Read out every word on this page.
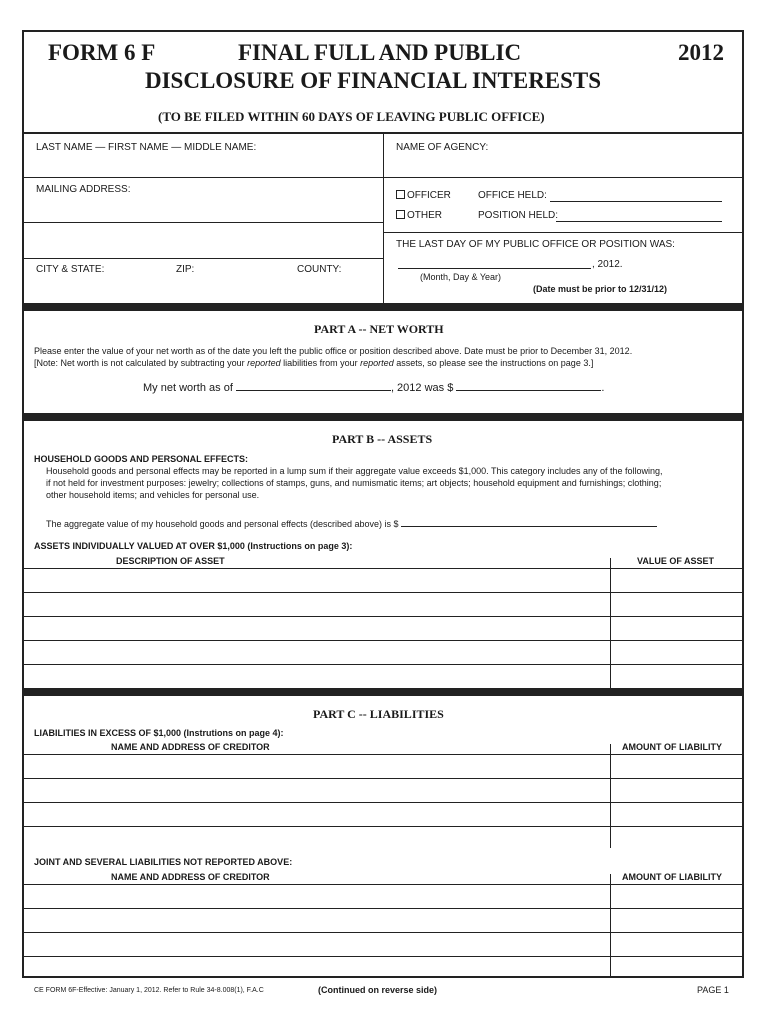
FORM 6 F	FINAL FULL AND PUBLIC	2012
DISCLOSURE OF FINANCIAL INTERESTS
(TO BE FILED WITHIN 60 DAYS OF LEAVING PUBLIC OFFICE)
LAST NAME — FIRST NAME — MIDDLE NAME:	NAME OF AGENCY:
MAILING ADDRESS:
OFFICER	OFFICE HELD:
OTHER	POSITION HELD:
THE LAST DAY OF MY PUBLIC OFFICE OR POSITION WAS:
, 2012.
(Month, Day & Year)
(Date must be prior to 12/31/12)
CITY & STATE:	ZIP:	COUNTY:
PART A -- NET WORTH
Please enter the value of your net worth as of the date you left the public office or position described above. Date must be prior to December 31, 2012.
[Note: Net worth is not calculated by subtracting your reported liabilities from your reported assets, so please see the instructions on page 3.]
My net worth as of	, 2012 was $	.
PART B -- ASSETS
HOUSEHOLD GOODS AND PERSONAL EFFECTS:
Household goods and personal effects may be reported in a lump sum if their aggregate value exceeds $1,000. This category includes any of the following,
if not held for investment purposes: jewelry; collections of stamps, guns, and numismatic items; art objects; household equipment and furnishings; clothing;
other household items; and vehicles for personal use.
The aggregate value of my household goods and personal effects (described above) is $
ASSETS INDIVIDUALLY VALUED AT OVER $1,000 (Instructions on page 3):
DESCRIPTION OF ASSET	VALUE OF ASSET
PART C -- LIABILITIES
LIABILITIES IN EXCESS OF $1,000 (Instrutions on page 4):
NAME AND ADDRESS OF CREDITOR	AMOUNT OF LIABILITY
JOINT AND SEVERAL LIABILITIES NOT REPORTED ABOVE:
NAME AND ADDRESS OF CREDITOR	AMOUNT OF LIABILITY
CE FORM 6F-Effective: January 1, 2012. Refer to Rule 34-8.008(1), F.A.C	(Continued on reverse side)	PAGE 1
